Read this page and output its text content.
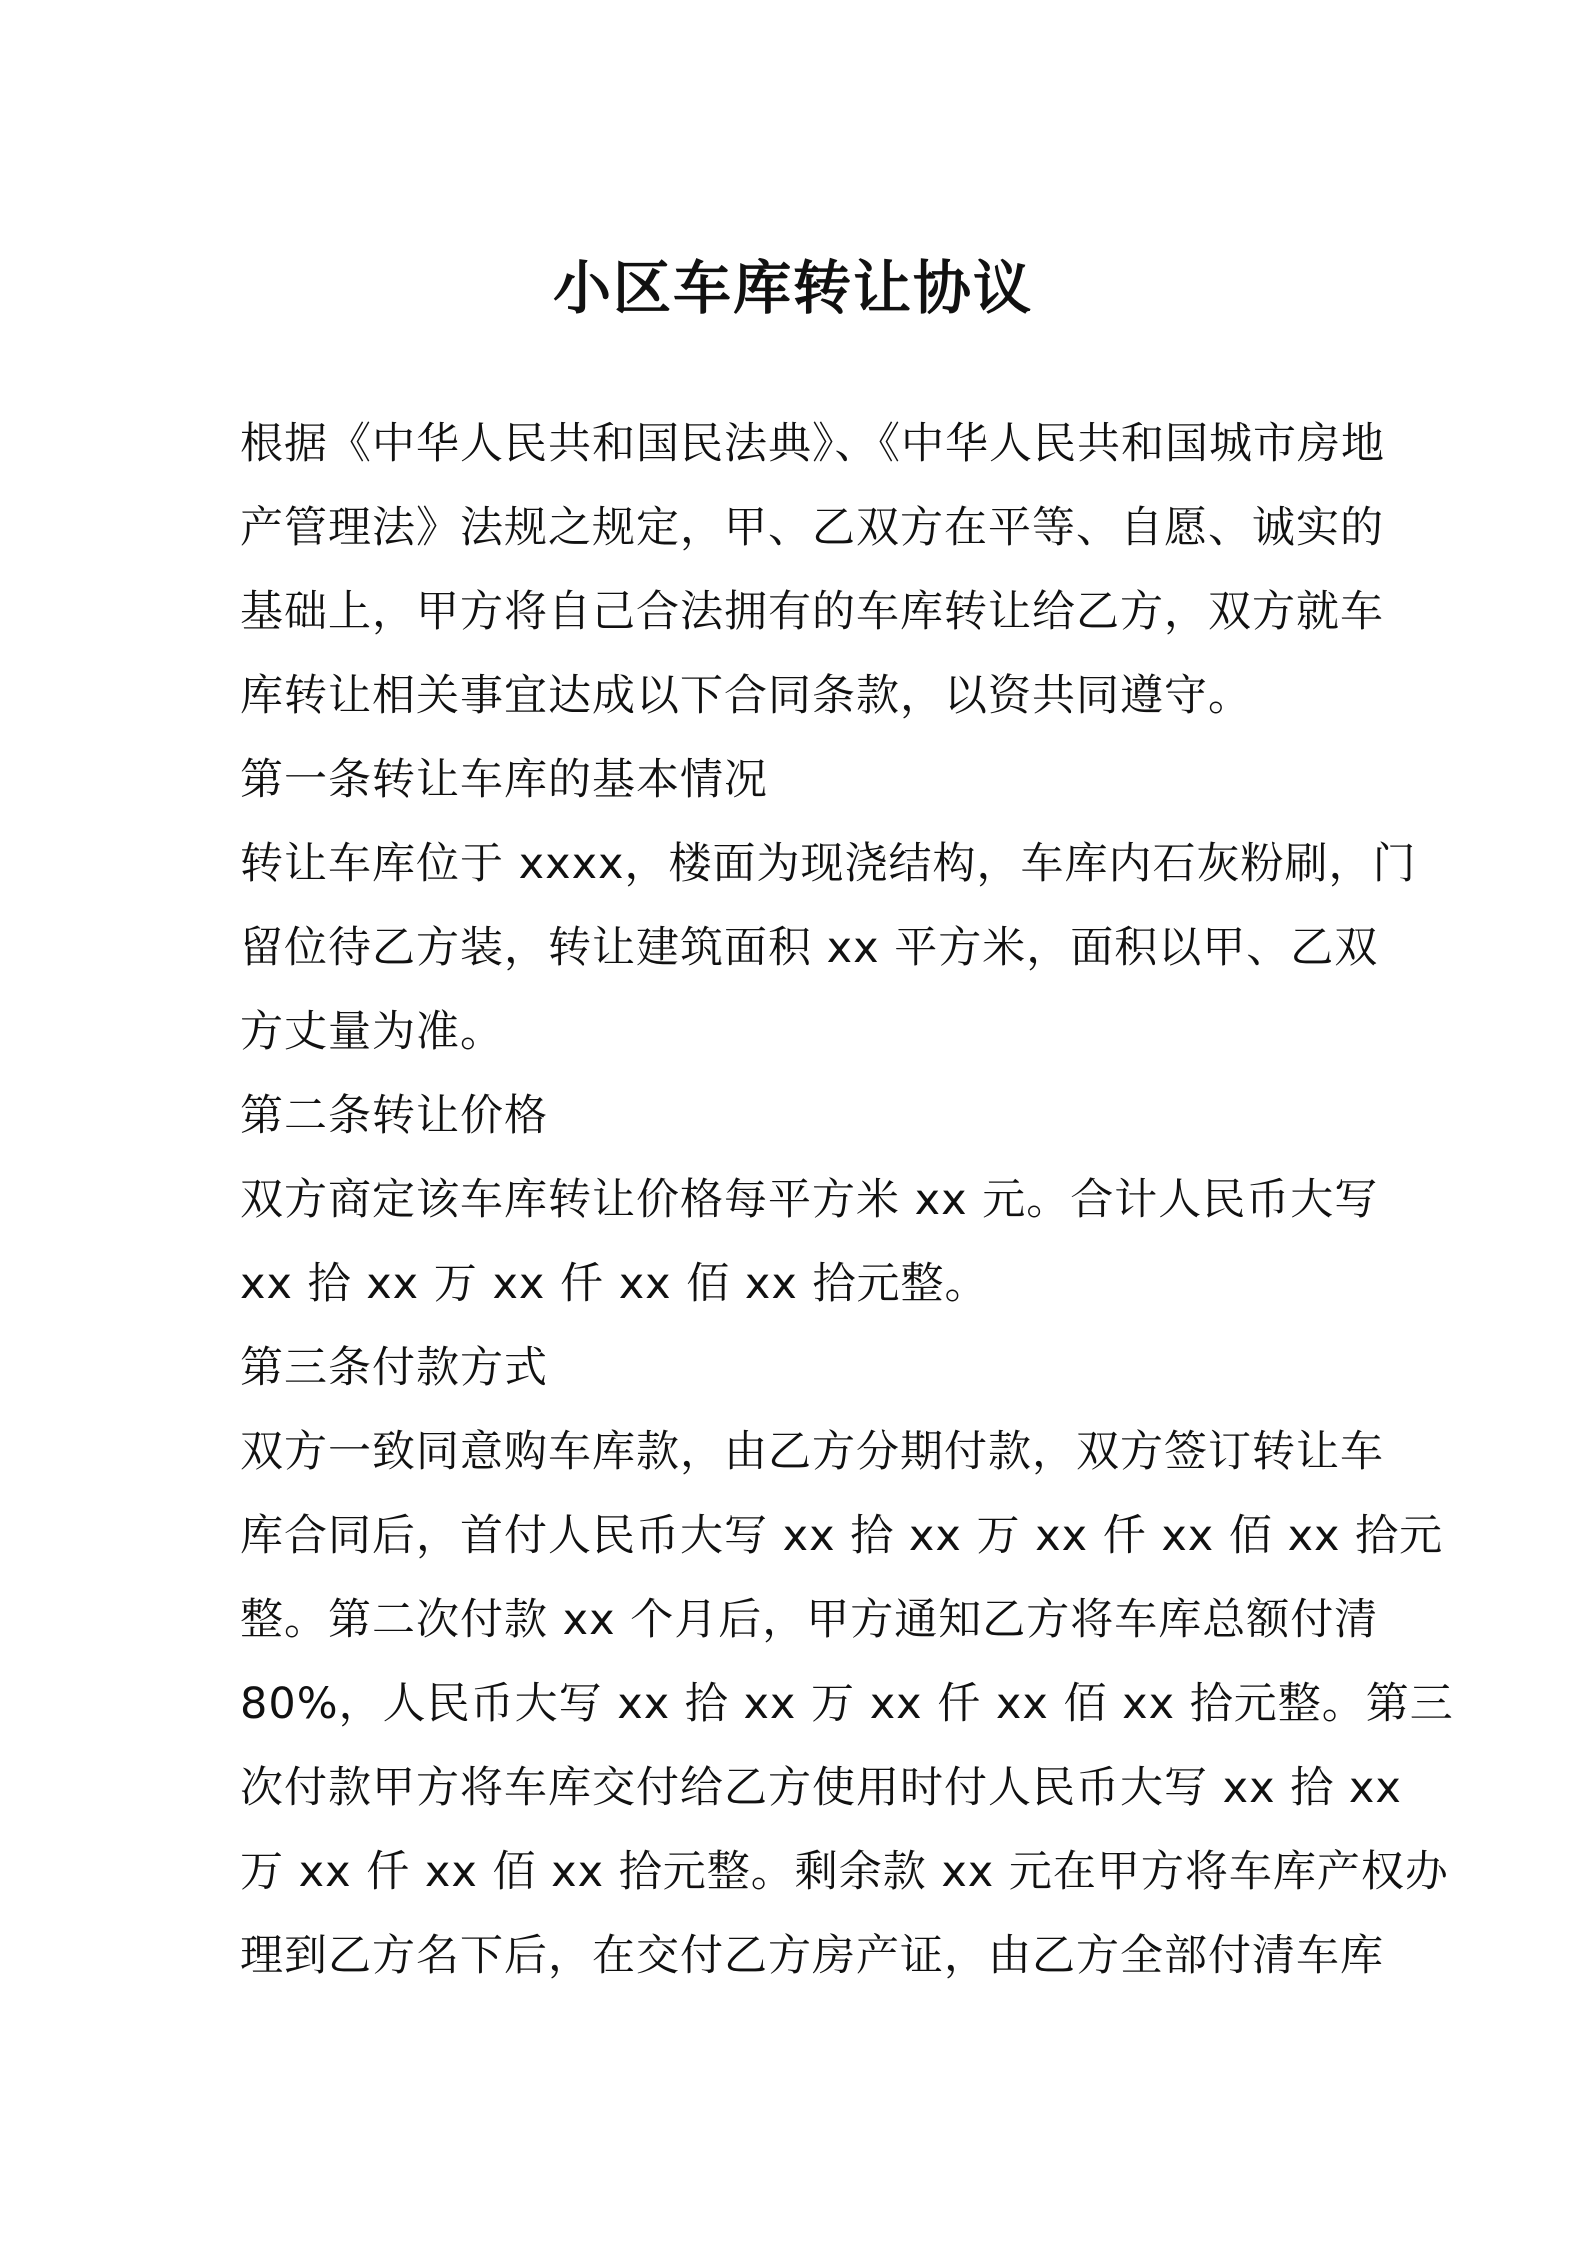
小区车库转让协议
根据《中华人民共和国民法典》、《中华人民共和国城市房地
产管理法》法规之规定，甲、乙双方在平等、自愿、诚实的
基础上，甲方将自己合法拥有的车库转让给乙方，双方就车
库转让相关事宜达成以下合同条款，以资共同遵守。
第一条转让车库的基本情况
转让车库位于 xxxx，楼面为现浇结构，车库内石灰粉刷，门
留位待乙方装，转让建筑面积 xx 平方米，面积以甲、乙双
方丈量为准。
第二条转让价格
双方商定该车库转让价格每平方米 xx 元。合计人民币大写
xx 拾 xx 万 xx 仟 xx 佰 xx 拾元整。
第三条付款方式
双方一致同意购车库款，由乙方分期付款，双方签订转让车
库合同后，首付人民币大写 xx 拾 xx 万 xx 仟 xx 佰 xx 拾元
整。第二次付款 xx 个月后，甲方通知乙方将车库总额付清
80%，人民币大写 xx 拾 xx 万 xx 仟 xx 佰 xx 拾元整。第三
次付款甲方将车库交付给乙方使用时付人民币大写 xx 拾 xx
万 xx 仟 xx 佰 xx 拾元整。剩余款 xx 元在甲方将车库产权办
理到乙方名下后，在交付乙方房产证，由乙方全部付清车库
